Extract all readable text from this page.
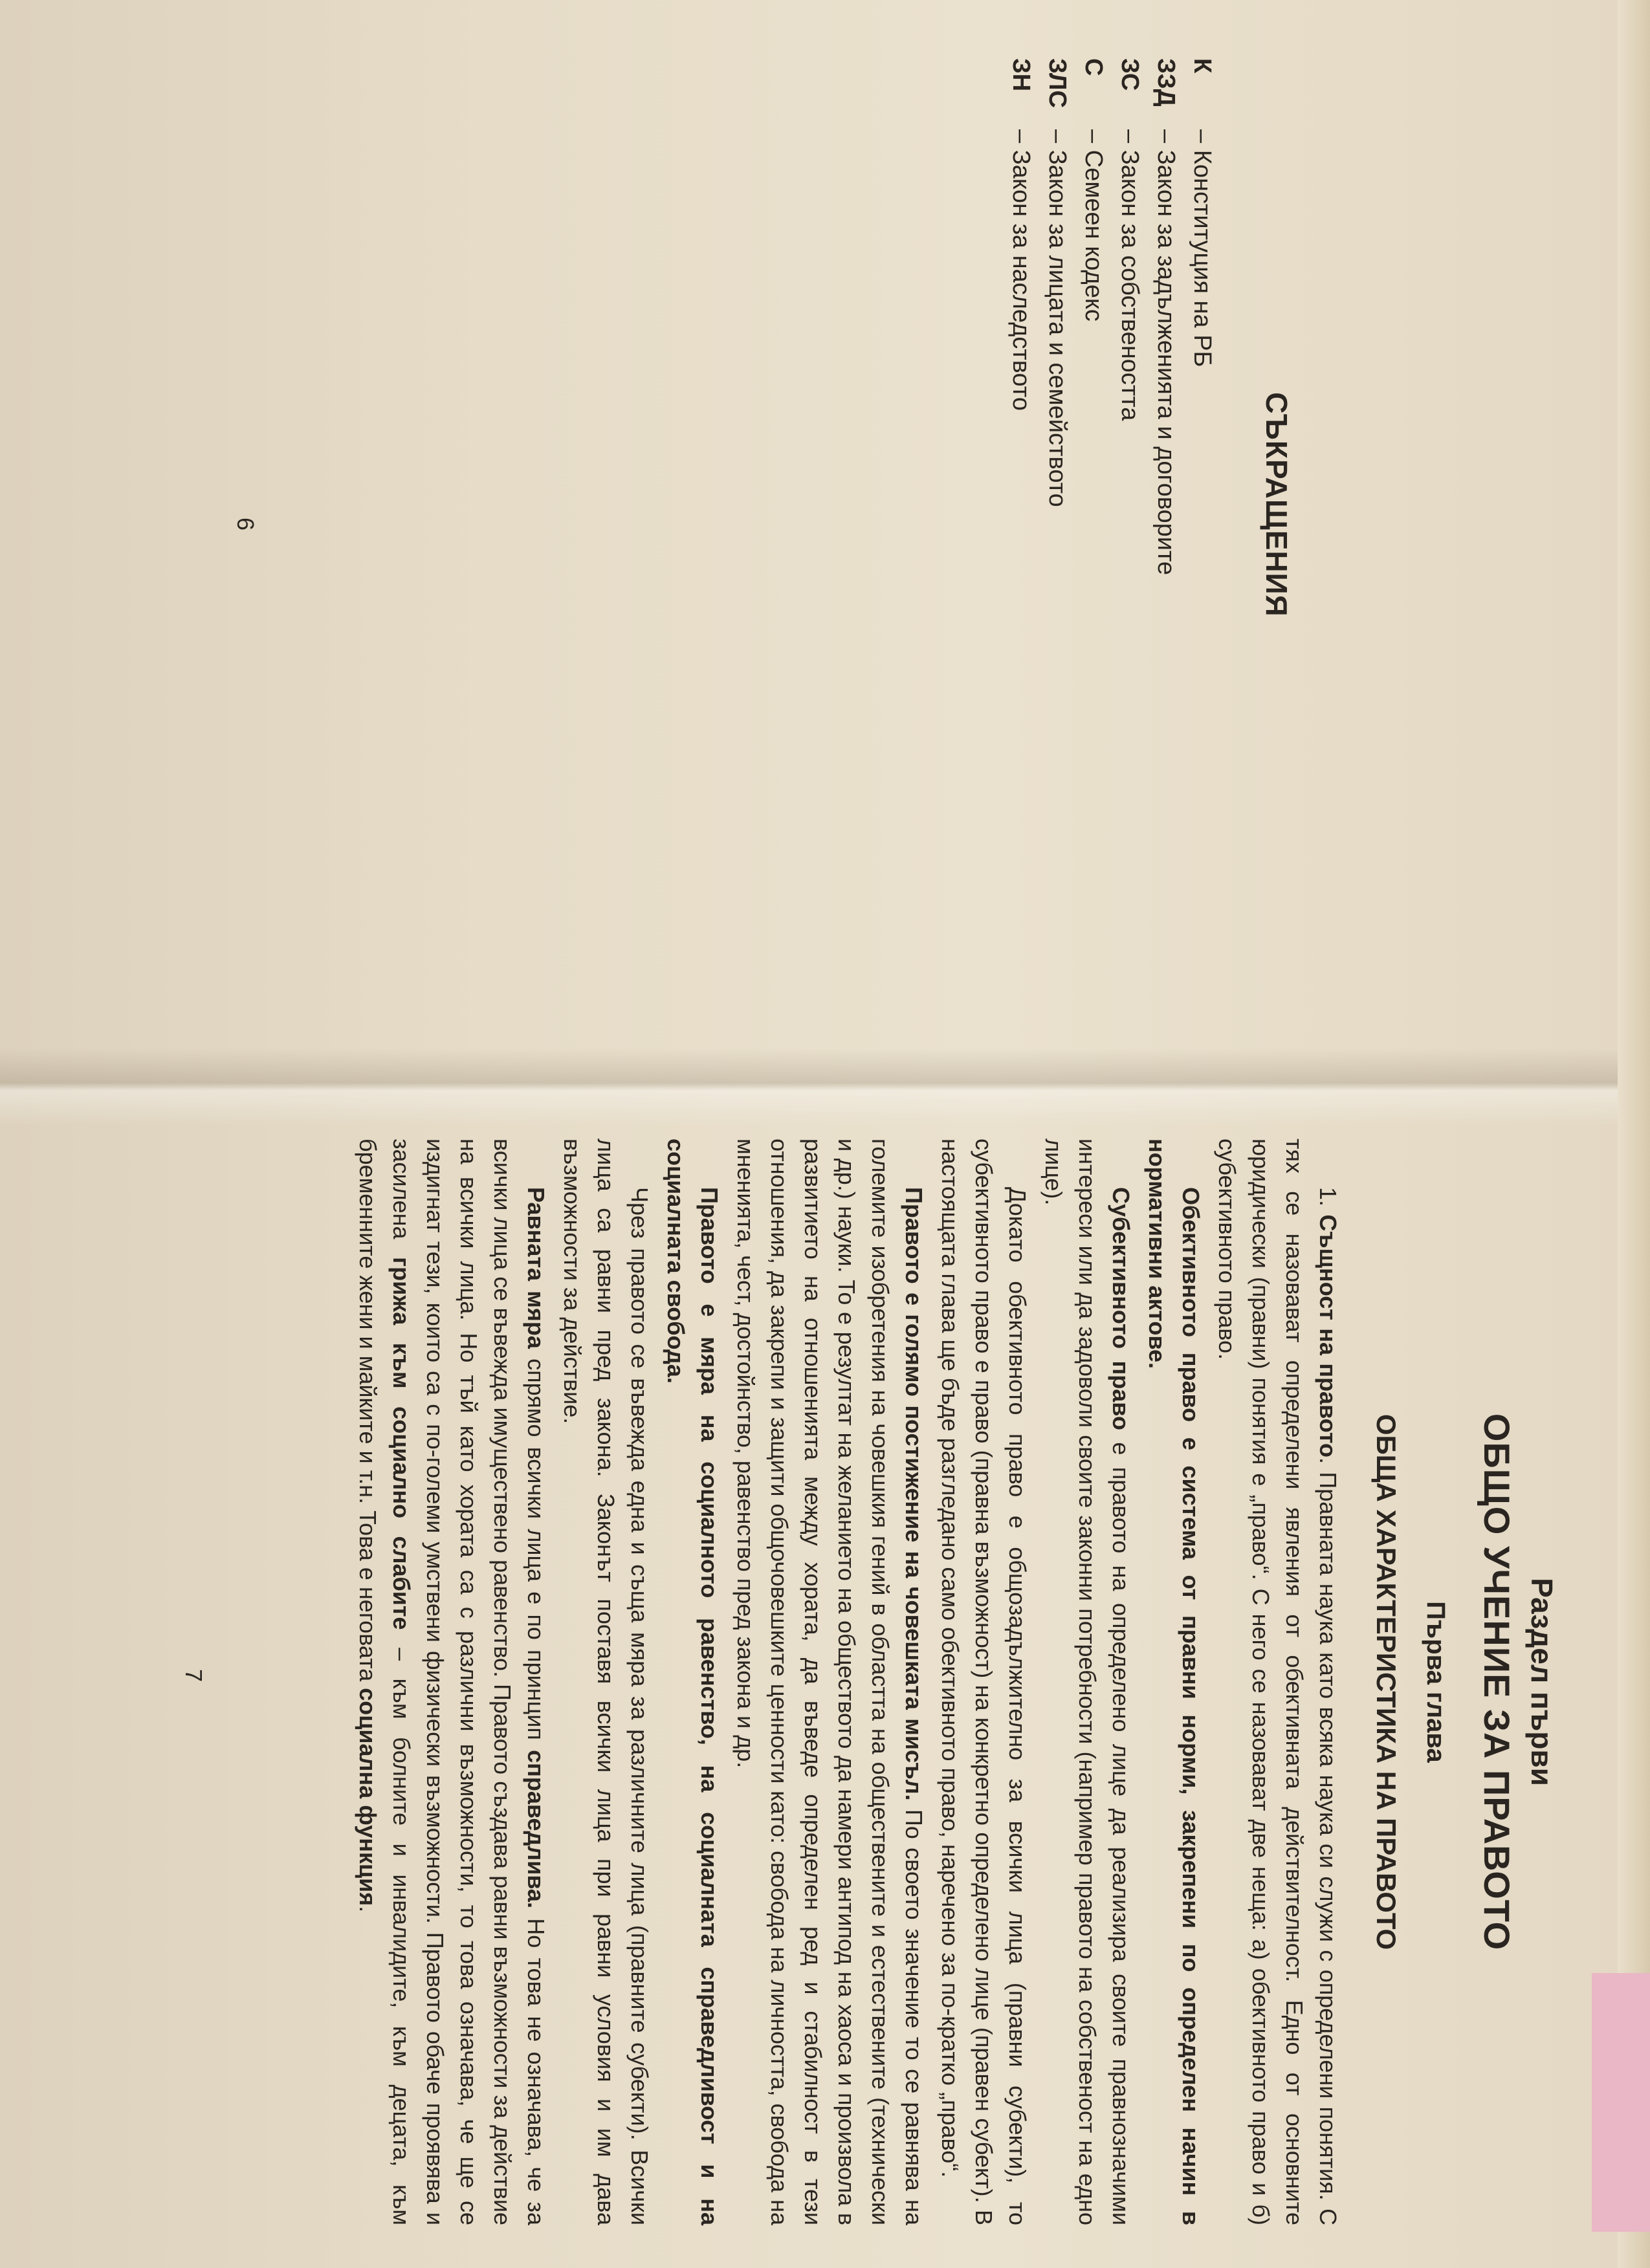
СЪКРАЩЕНИЯ
К
– Конституция на РБ
ЗЗД
– Закон за задълженията и договорите
ЗС
– Закон за собствеността
С
– Семеен кодекс
ЗЛС
– Закон за лицата и семейството
ЗН
– Закон за наследството
6
Раздел първи
ОБЩО УЧЕНИЕ ЗА ПРАВОТО
Първа глава
ОБЩА ХАРАКТЕРИСТИКА НА ПРАВОТО

1. Същност на правото. Правната наука като всяка наука си служи с определени понятия. С тях се назовават определени явления от обективната действителност. Едно от основните юридически (правни) понятия е „право“. С него се назовават две неща: а) обективното право и б) субективното право.

Обективното право е система от правни норми, закрепени по определен начин в нормативни актове.

Субективното право е правото на определено лице да реализира своите правнозначими интереси или да задоволи своите законни потребности (например правото на собственост на едно лице).

Докато обективното право е общозадължително за всички лица (правни субекти), то субективното право е право (правна възможност) на конкретно определено лице (правен субект). В настоящата глава ще бъде разгледано само обективното право, наречено за по-кратко „право“.

Правото е голямо постижение на човешката мисъл. По своето значение то се равнява на големите изобретения на човешкия гений в областта на обществените и естествените (технически и др.) науки. То е резултат на желанието на обществото да намери антипод на хаоса и произвола в развитието на отношенията между хората, да въведе определен ред и стабилност в тези отношения, да закрепи и защити общочовешките ценности като: свобода на личността, свобода на мненията, чест, достойнство, равенство пред закона и др.

Правото е мяра на социалното равенство, на социалната справедливост и на социалната свобода.

Чрез правото се въвежда една и съща мяра за различните лица (правните субекти). Всички лица са равни пред закона. Законът поставя всички лица при равни условия и им дава възможности за действие.

Равната мяра спрямо всички лица е по принцип справедлива. Но това не означава, че за всички лица се въвежда имуществено равенство. Правото създава равни възможности за действие на всички лица. Но тъй като хората са с различни възможности, то това означава, че ще се издигнат тези, които са с по-големи умствени физически възможности. Правото обаче проявява и засилена грижа към социално слабите – към болните и инвалидите, към децата, към бременните жени и майките и т.н. Това е неговата социална функция.

7
